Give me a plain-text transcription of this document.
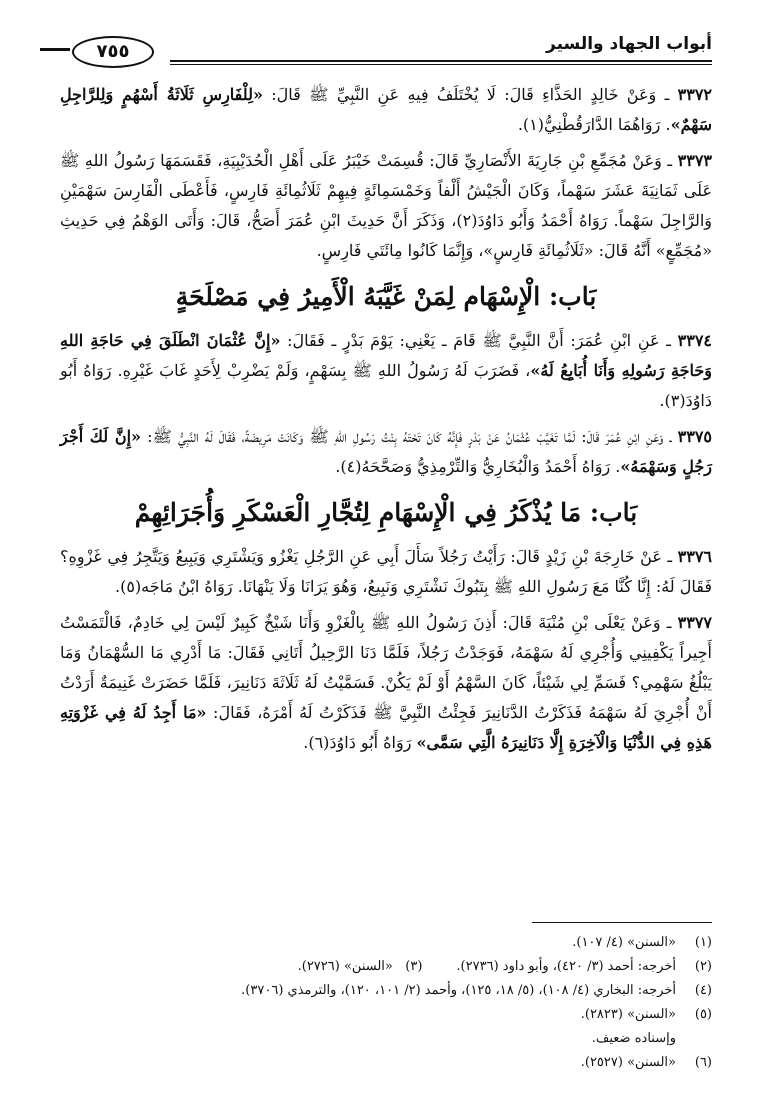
أبواب الجهاد والسير
٧٥٥

٣٣٧٢ ـ وَعَنْ خَالِدٍ الحَذَّاءِ قَالَ: لَا يُخْتَلَفُ فِيهِ عَنِ النَّبِيِّ ﷺ قَالَ: «لِلْفَارِسِ ثَلَاثَةُ أَسْهُمٍ وَلِلرَّاجِلِ سَهْمٌ». رَوَاهُمَا الدَّارَقُطْنِيُّ(١).

٣٣٧٣ ـ وَعَنْ مُجَمِّعِ بْنِ جَارِيَةَ الأَنْصَارِيِّ قَالَ: قُسِمَتْ خَيْبَرُ عَلَى أَهْلِ الْحُدَيْبِيَةِ، فَقَسَمَهَا رَسُولُ اللهِ ﷺ عَلَى ثَمَانِيَةَ عَشَرَ سَهْماً، وَكَانَ الْجَيْشُ أَلْفاً وَخَمْسَمِائَةٍ فِيهِمْ ثَلَاثُمِائَةِ فَارِسٍ، فَأَعْطَى الْفَارِسَ سَهْمَيْنِ وَالرَّاجِلَ سَهْماً. رَوَاهُ أَحْمَدُ وَأَبُو دَاوُدَ(٢)، وَذَكَرَ أَنَّ حَدِيثَ ابْنِ عُمَرَ أَصَحُّ، قَالَ: وَأَتَى الوَهْمُ فِي حَدِيثِ «مُجَمِّعٍ» أَنَّهُ قَالَ: «ثَلَاثُمِائَةِ فَارِسٍ»، وَإِنَّمَا كَانُوا مِائَتَي فَارِسٍ.

بَاب: الْإِسْهَام لِمَنْ غَيَّبَهُ الْأَمِيرُ فِي مَصْلَحَةٍ

٣٣٧٤ ـ عَنِ ابْنِ عُمَرَ: أَنَّ النَّبِيَّ ﷺ قَامَ ـ يَعْنِي: يَوْمَ بَدْرٍ ـ فَقَالَ: «إِنَّ عُثْمَانَ انْطَلَقَ فِي حَاجَةِ اللهِ وَحَاجَةِ رَسُولِهِ وَأَنَا أُبَايِعُ لَهُ»، فَضَرَبَ لَهُ رَسُولُ اللهِ ﷺ بِسَهْمٍ، وَلَمْ يَضْرِبْ لِأَحَدٍ غَابَ غَيْرِهِ. رَوَاهُ أَبُو دَاوُدَ(٣).

٣٣٧٥ ـ وَعَنِ ابْنِ عُمَرَ قَالَ: لَمَّا تَغَيَّبَ عُثْمَانُ عَنْ بَدْرٍ فَإِنَّهُ كَانَ تَحْتَهُ بِنْتُ رَسُولِ اللهِ ﷺ وَكَانَتْ مَرِيضَةً، فَقَالَ لَهُ النَّبِيُّ ﷺ: «إِنَّ لَكَ أَجْرَ رَجُلٍ وَسَهْمَهُ». رَوَاهُ أَحْمَدُ وَالْبُخَارِيُّ وَالتِّرْمِذِيُّ وَصَحَّحَهُ(٤).

بَاب: مَا يُذْكَرُ فِي الْإِسْهَامِ لِتُجَّارِ الْعَسْكَرِ وَأُجَرَائِهِمْ

٣٣٧٦ ـ عَنْ خَارِجَةَ بْنِ زَيْدٍ قَالَ: رَأَيْتُ رَجُلاً سَأَلَ أَبِي عَنِ الرَّجُلِ يَغْزُو وَيَشْتَرِي وَيَبِيعُ وَيَتَّجِرُ فِي غَزْوِهِ؟ فَقَالَ لَهُ: إِنَّا كُنَّا مَعَ رَسُولِ اللهِ ﷺ بِتَبُوكَ نَشْتَرِي وَنَبِيعُ، وَهُوَ يَرَانَا وَلَا يَنْهَانَا. رَوَاهُ ابْنُ مَاجَه(٥).

٣٣٧٧ ـ وَعَنْ يَعْلَى بْنِ مُنْيَةَ قَالَ: أَذِنَ رَسُولُ اللهِ ﷺ بِالْغَزْوِ وَأَنَا شَيْخٌ كَبِيرٌ لَيْسَ لِي خَادِمٌ، فَالْتَمَسْتُ أَجِيراً يَكْفِينِي وَأُجْرِي لَهُ سَهْمَهُ، فَوَجَدْتُ رَجُلاً، فَلَمَّا دَنَا الرَّحِيلُ أَتَانِي فَقَالَ: مَا أَدْرِي مَا السُّهْمَانُ وَمَا يَبْلُغُ سَهْمِي؟ فَسَمِّ لِي شَيْئاً، كَانَ السَّهْمُ أَوْ لَمْ يَكُنْ. فَسَمَّيْتُ لَهُ ثَلَاثَةَ دَنَانِيرَ، فَلَمَّا حَضَرَتْ غَنِيمَةٌ أَرَدْتُ أَنْ أُجْرِيَ لَهُ سَهْمَهُ فَذَكَرْتُ الدَّنَانِيرَ فَجِئْتُ النَّبِيَّ ﷺ فَذَكَرْتُ لَهُ أَمْرَهُ، فَقَالَ: «مَا أَجِدُ لَهُ فِي غَزْوَتِهِ هَذِهِ فِي الدُّنْيَا وَالْآخِرَةِ إِلَّا دَنَانِيرَهُ الَّتِي سَمَّى» رَوَاهُ أَبُو دَاوُدَ(٦).

(١)
«السنن» (٤/ ١٠٧).
(٢)
أخرجه: أحمد (٣/ ٤٢٠)، وأبو داود (٢٧٣٦).(٣)   «السنن» (٢٧٢٦).
(٤)
أخرجه: البخاري (٤/ ١٠٨)، (٥/ ١٨، ١٢٥)، وأحمد (٢/ ١٠١، ١٢٠)، والترمذي (٣٧٠٦).
(٥)
«السنن» (٢٨٢٣).
وإسناده ضعيف.
(٦)
«السنن» (٢٥٢٧).
